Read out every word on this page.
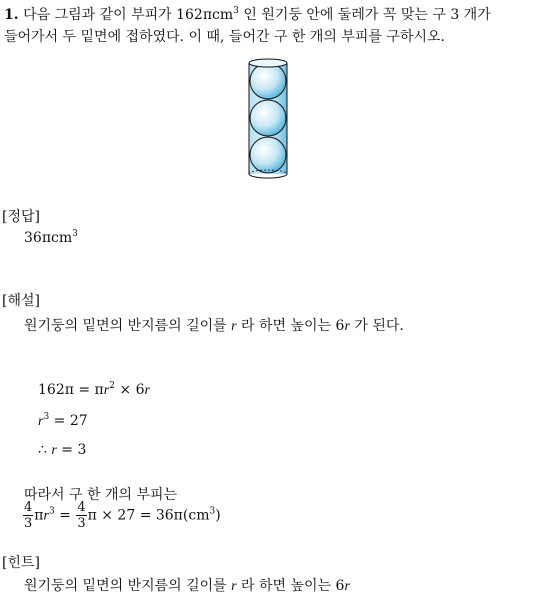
1. 다음 그림과 같이 부피가 162πcm$^3$ 인 원기둥 안에 둘레가 꼭 맞는 구 3 개가
들어가서 두 밑면에 접하였다. 이 때, 들어간 구 한 개의 부피를 구하시오.
[정답]
36πcm$^3$
[해설]
원기둥의 밑면의 반지름의 길이를 r 라 하면 높이는 6r 가 된다.
$162\pi = \pi r^2 \times 6r$
$r^3 = 27$
∴ r = 3
따라서 구 한 개의 부피는
$\frac{4}{3} \pi r^3 = \frac{4}{3}$ $\pi \times 27 = 36\pi(cm^3)$
[힌트]
원기둥의 밑면의 반지름의 길이를 r 라 하면 높이는 6r
